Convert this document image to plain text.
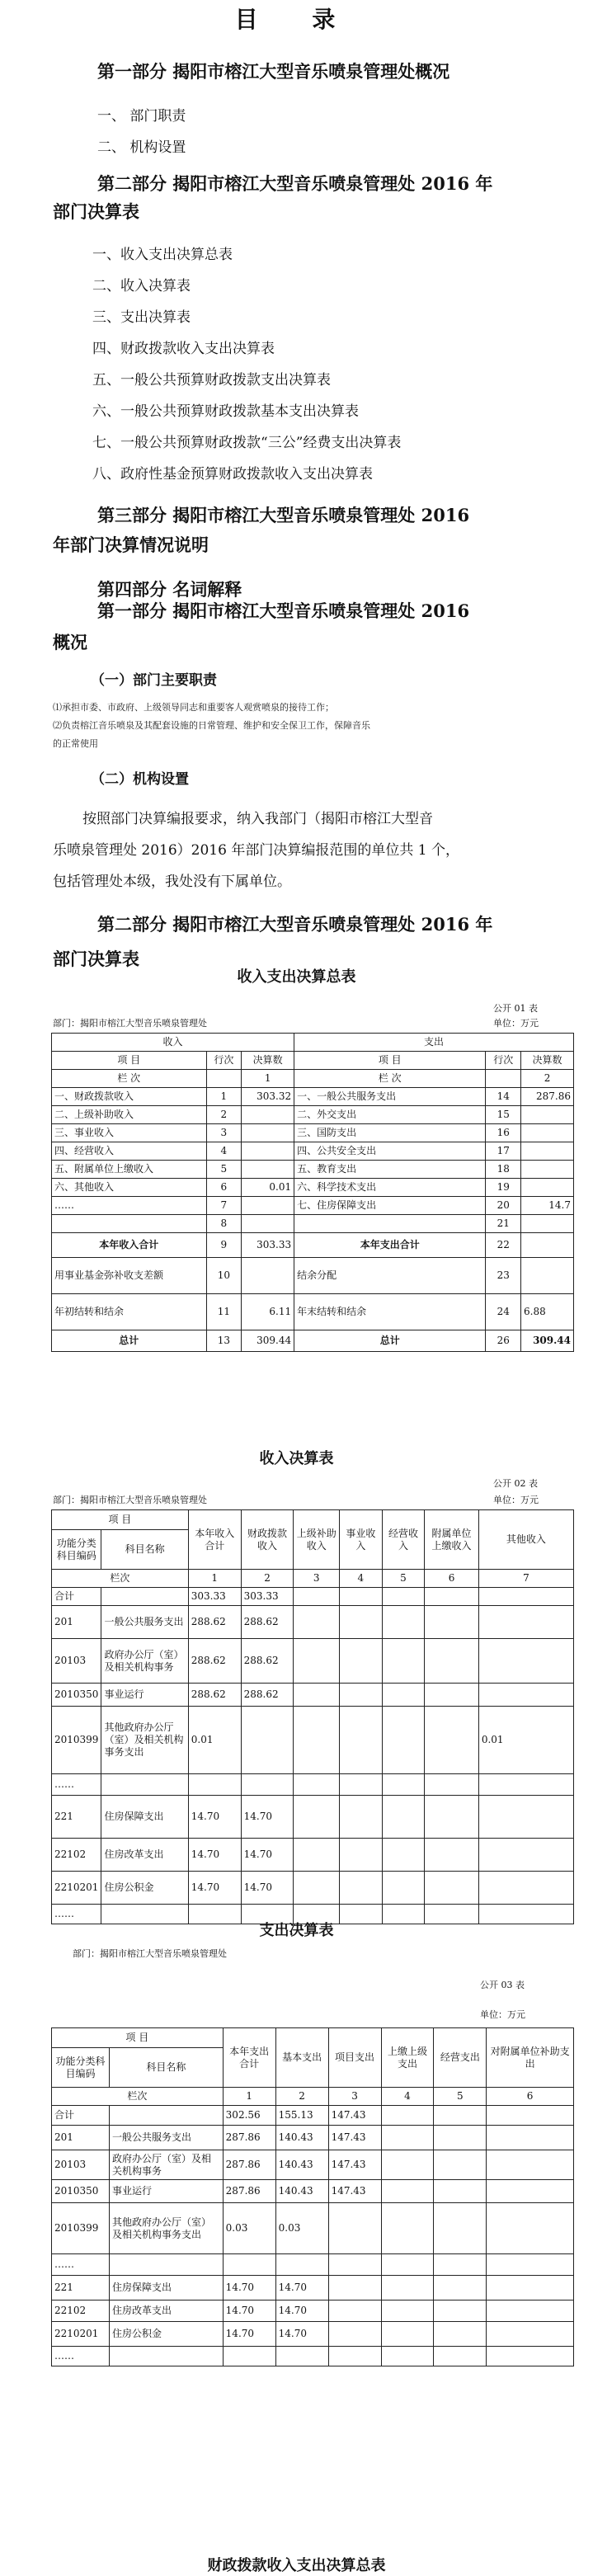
目 录
第一部分 揭阳市榕江大型音乐喷泉管理处概况
一、 部门职责
二、 机构设置
第二部分 揭阳市榕江大型音乐喷泉管理处 2016 年
部门决算表
一、收入支出决算总表
二、收入决算表
三、支出决算表
四、财政拨款收入支出决算表
五、一般公共预算财政拨款支出决算表
六、一般公共预算财政拨款基本支出决算表
七、一般公共预算财政拨款“三公”经费支出决算表
八、政府性基金预算财政拨款收入支出决算表
第三部分 揭阳市榕江大型音乐喷泉管理处 2016
年部门决算情况说明
第四部分 名词解释
第一部分 揭阳市榕江大型音乐喷泉管理处 2016
概况
（一）部门主要职责
⑴承担市委、市政府、上级领导同志和重要客人观赏喷泉的接待工作；
⑵负责榕江音乐喷泉及其配套设施的日常管理、维护和安全保卫工作，保障音乐
的正常使用
（二）机构设置
按照部门决算编报要求，纳入我部门（揭阳市榕江大型音
乐喷泉管理处 2016）2016 年部门决算编报范围的单位共 1 个，
包括管理处本级，我处没有下属单位。
第二部分 揭阳市榕江大型音乐喷泉管理处 2016 年
部门决算表
收入支出决算总表
公开 01 表
部门：揭阳市榕江大型音乐喷泉管理处	单位：万元
收入			支出		
项 目	行次	决算数	项 目	行次	决算数
栏 次		1	栏 次		2
一、财政拨款收入	1	303.32	一、一般公共服务支出	14	287.86
二、上级补助收入	2		二、外交支出	15	
三、事业收入	3		三、国防支出	16	
四、经营收入	4		四、公共安全支出	17	
五、附属单位上缴收入	5		五、教育支出	18	
六、其他收入	6	0.01	六、科学技术支出	19	
……	7		七、住房保障支出	20	14.7
	8			21	
本年收入合计	9	303.33	本年支出合计	22	
用事业基金弥补收支差额	10		结余分配	23	
年初结转和结余	11	6.11	年末结转和结余	24	6.88
总计	13	309.44	总计	26	309.44
收入决算表
公开 02 表
部门：揭阳市榕江大型音乐喷泉管理处	单位：万元
项 目		本年收入合计	财政拨款收入	上级补助收入	事业收入	经营收入	附属单位上缴收入	其他收入
功能分类科目编码	科目名称							
栏次		1	2	3	4	5	6	7
合计		303.33	303.33					
201	一般公共服务支出	288.62	288.62					
20103	政府办公厅（室）及相关机构事务	288.62	288.62					
2010350	事业运行	288.62	288.62					
2010399	其他政府办公厅（室）及相关机构事务支出	0.01						0.01
……								
221	住房保障支出	14.70	14.70					
22102	住房改革支出	14.70	14.70					
2210201	住房公积金	14.70	14.70					
……								
支出决算表
部门：揭阳市榕江大型音乐喷泉管理处
公开 03 表
单位：万元
项 目		本年支出合计	基本支出	项目支出	上缴上级支出	经营支出	对附属单位补助支出
功能分类科目编码	科目名称						
栏次		1	2	3	4	5	6
合计		302.56	155.13	147.43			
201	一般公共服务支出	287.86	140.43	147.43			
20103	政府办公厅（室）及相关机构事务	287.86	140.43	147.43			
2010350	事业运行	287.86	140.43	147.43			
2010399	其他政府办公厅（室）及相关机构事务支出	0.03	0.03				
……							
221	住房保障支出	14.70	14.70				
22102	住房改革支出	14.70	14.70				
2210201	住房公积金	14.70	14.70				
……							
财政拨款收入支出决算总表
